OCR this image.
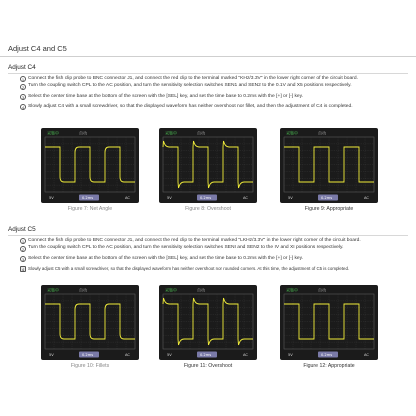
Adjust C4 and C5
Adjust C4
1 Connect the fish clip probe to BNC connector J1, and connect the red clip to the terminal marked "KHz/3.3V" in the lower right corner of the circuit board.
2 Turn the coupling switch CPL to the AC position, and turn the sensitivity selection switches SEN1 and SEN2 to the 0.1V and X5 positions respectively.
3 Select the center time base at the bottom of the screen with the [SEL] key, and set the time base to 0.2ms with the [+] or [-] key.
4 Slowly adjust C4 with a small screwdriver, so that the displayed waveform has neither overshoot nor fillet, and then the adjustment of C4 is completed.
采集中	自动
5V	0.2ms	AC
采集中	自动
5V	0.2ms	AC
采集中	自动
5V	0.2ms	AC
Figure 7: Net Angle	Figure 8: Overshoot	Figure 9: Appropriate
Adjust C5
1 Connect the fish clip probe to BNC connector J1, and connect the red clip to the terminal marked "LKHz/3.3V" in the lower right corner of the circuit board.
2 Turn the coupling switch CPL to the AC position, and turn the sensitivity selection switches SENI and SEN2 to the IV and XI positions respectively.
3 Select the center time base at the bottom of the screen with the [SEL] key, and set the time base to 0.2ms with the [+] or [-] key.
4 Slowly adjust C5 with a small screwdriver, so that the displayed waveform has neither overshoot nor rounded corners. At this time, the adjustment of C5 is completed.
采集中	自动
5V	0.2ms	AC
采集中	自动
5V	0.2ms	AC
采集中	自动
5V	0.2ms	AC
Figure 10: Fillets	Figure 11: Overshoot	Figure 12: Appropriate
